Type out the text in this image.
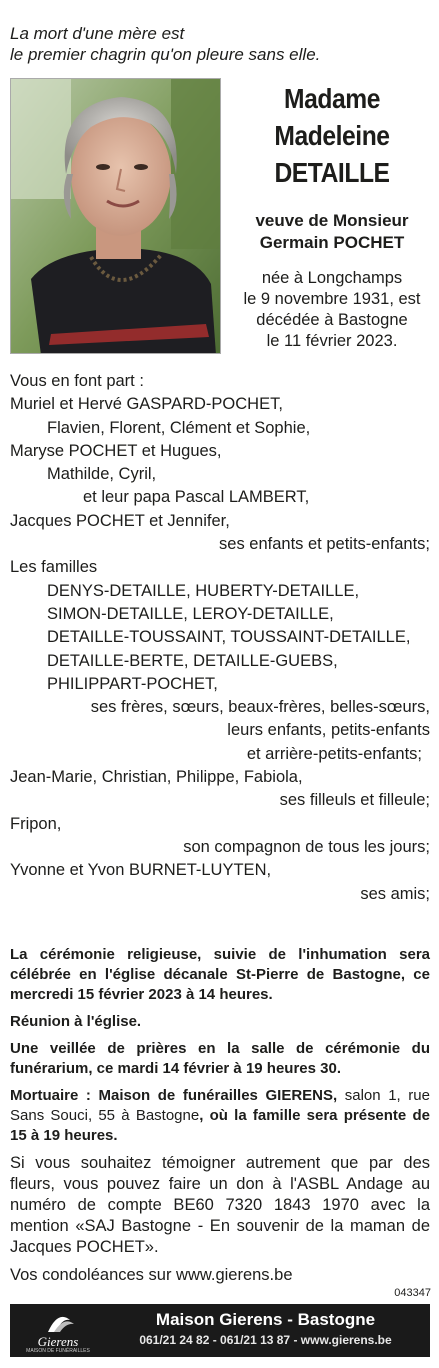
La mort d'une mère est
le premier chagrin qu'on pleure sans elle.
Madame
Madeleine
DETAILLE
veuve de Monsieur
Germain POCHET
née à Longchamps
le 9 novembre 1931, est
décédée à Bastogne
le 11 février 2023.
Vous en font part :
Muriel et Hervé GASPARD-POCHET,
Flavien, Florent, Clément et Sophie,
Maryse POCHET et Hugues,
Mathilde, Cyril,
et leur papa Pascal LAMBERT,
Jacques POCHET et Jennifer,
ses enfants et petits-enfants;
Les familles
DENYS-DETAILLE, HUBERTY-DETAILLE,
SIMON-DETAILLE, LEROY-DETAILLE,
DETAILLE-TOUSSAINT, TOUSSAINT-DETAILLE,
DETAILLE-BERTE, DETAILLE-GUEBS,
PHILIPPART-POCHET,
ses frères, sœurs, beaux-frères, belles-sœurs,
leurs enfants, petits-enfants
et arrière-petits-enfants;
Jean-Marie, Christian, Philippe, Fabiola,
ses filleuls et filleule;
Fripon,
son compagnon de tous les jours;
Yvonne et Yvon BURNET-LUYTEN,
ses amis;

La cérémonie religieuse, suivie de l'inhumation sera célébrée en l'église décanale St-Pierre de Bastogne, ce mercredi 15 février 2023 à 14 heures.

Réunion à l'église.

Une veillée de prières en la salle de cérémonie du funérarium, ce mardi 14 février à 19 heures 30.

Mortuaire : Maison de funérailles GIERENS, salon 1, rue Sans Souci, 55 à Bastogne, où la famille sera présente de 15 à 19 heures.

Si vous souhaitez témoigner autrement que par des fleurs, vous pouvez faire un don à l'ASBL Andage au numéro de compte BE60 7320 1843 1970 avec la mention «SAJ Bastogne - En souvenir de la maman de Jacques POCHET».

Vos condoléances sur www.gierens.be

043347
Gierens
MAISON DE FUNÉRAILLES
Maison Gierens - Bastogne
061/21 24 82 - 061/21 13 87 - www.gierens.be
